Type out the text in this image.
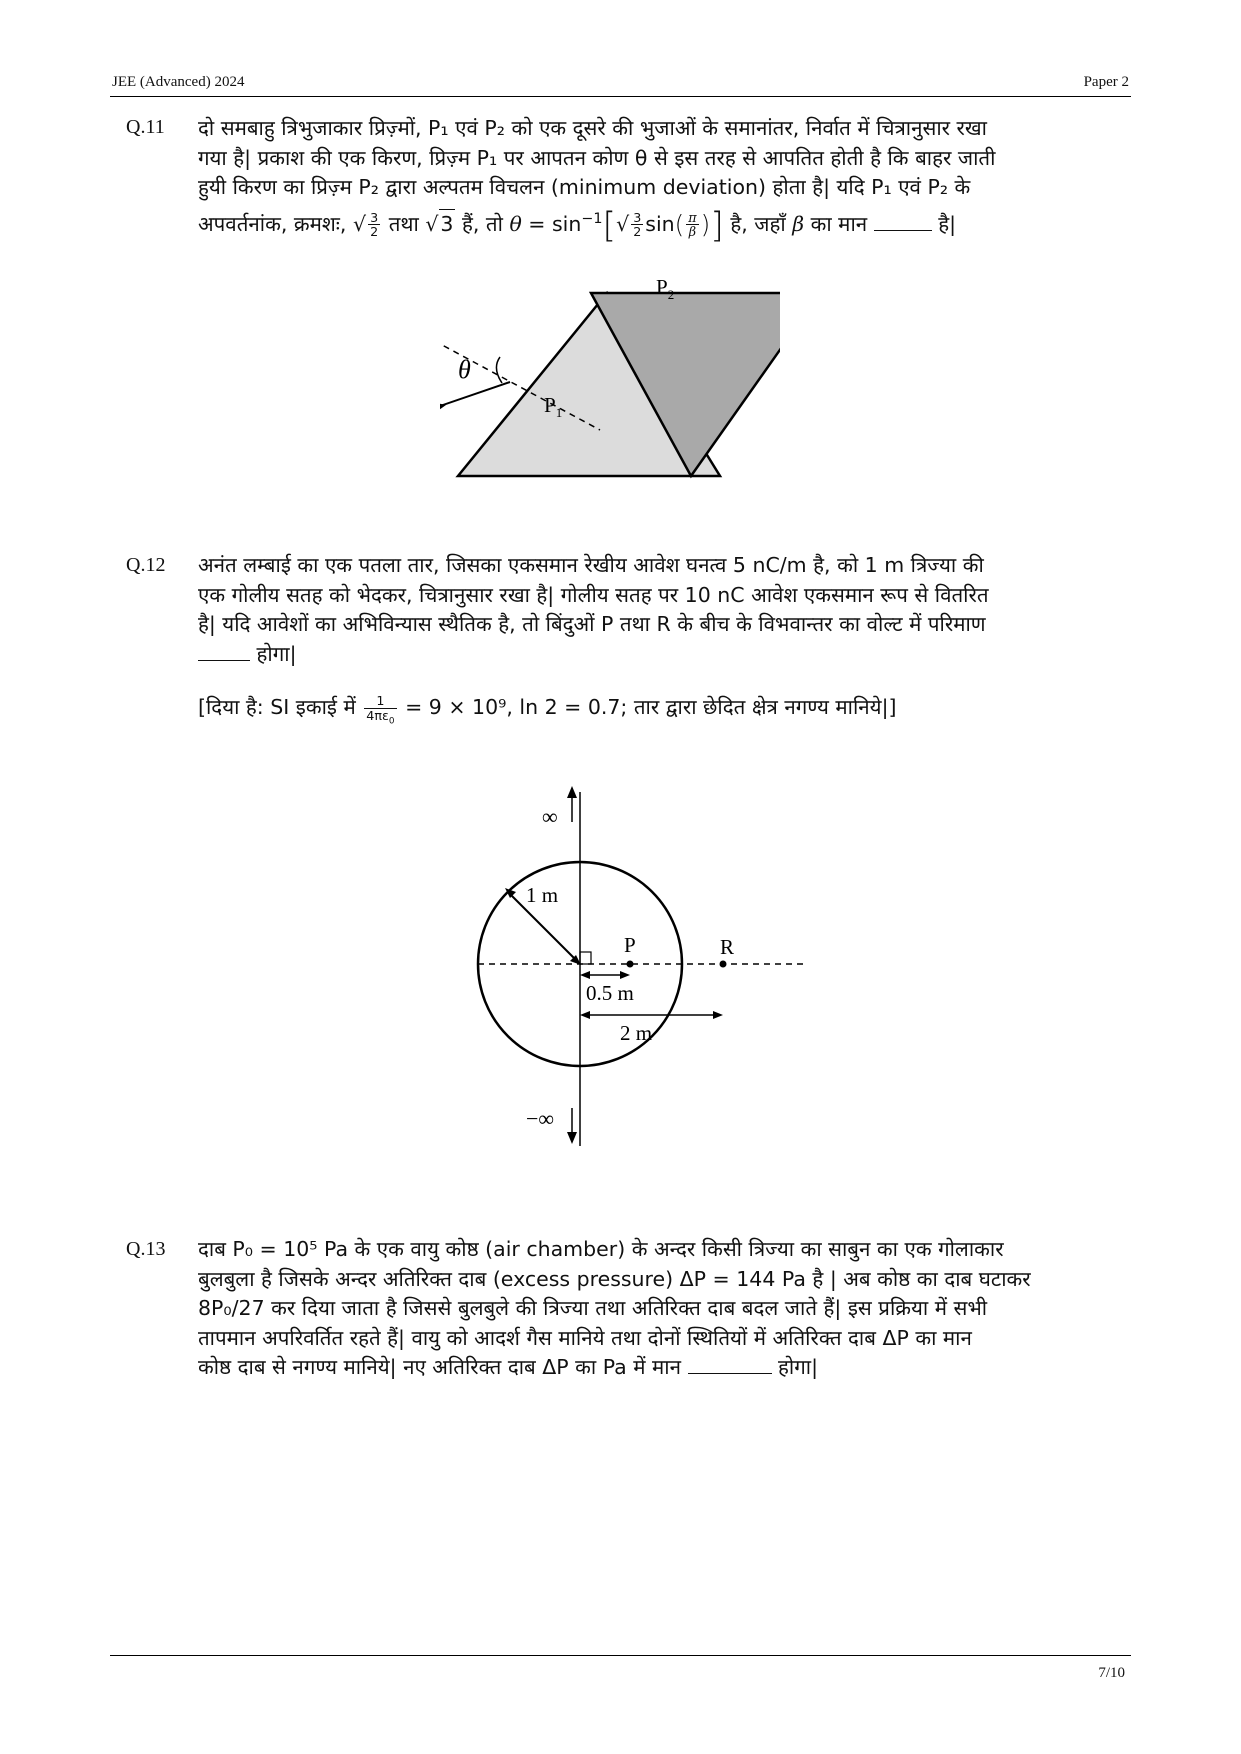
JEE (Advanced) 2024	Paper 2
Q.11 दो समबाहु त्रिभुजाकार प्रिज़्मों, P₁ एवं P₂ को एक दूसरे की भुजाओं के समानांतर, निर्वात में चित्रानुसार रखा
गया है| प्रकाश की एक किरण, प्रिज़्म P₁ पर आपतन कोण θ से इस तरह से आपतित होती है कि बाहर जाती
हुयी किरण का प्रिज़्म P₂ द्वारा अल्पतम विचलन (minimum deviation) होता है| यदि P₁ एवं P₂ के
अपवर्तनांक, क्रमशः, √ $\frac{3}{2}$ तथा √3 हैं, तो $\theta = \sin^{-1}[√ \frac{3}{2} \sin( \frac{\pi}{\beta}$ )] है, जहाँ β का मान	है|
θ
$P_1$
$P_2$
Q.12 अनंत लम्बाई का एक पतला तार, जिसका एकसमान रेखीय आवेश घनत्व 5 nC/m है, को 1 m त्रिज्या की
एक गोलीय सतह को भेदकर, चित्रानुसार रखा है| गोलीय सतह पर 10 nC आवेश एकसमान रूप से वितरित
है| यदि आवेशों का अभिविन्यास स्थैतिक है, तो बिंदुओं P तथा R के बीच के विभवान्तर का वोल्ट में परिमाण
होगा|
[दिया है: SI इकाई में $\frac{1}{4\pi\varepsilon_0} = 9 \times 10^9$, ln 2 = 0.7; तार द्वारा छेदित क्षेत्र नगण्य मानिये|]
∞
−∞
1 m
P	R
0.5 m
2 m
Q.13 दाब P₀ = 10⁵ Pa के एक वायु कोष्ठ (air chamber) के अन्दर किसी त्रिज्या का साबुन का एक गोलाकार
बुलबुला है जिसके अन्दर अतिरिक्त दाब (excess pressure) ΔP = 144 Pa है | अब कोष्ठ का दाब घटाकर
8P₀/27 कर दिया जाता है जिससे बुलबुले की त्रिज्या तथा अतिरिक्त दाब बदल जाते हैं| इस प्रक्रिया में सभी
तापमान अपरिवर्तित रहते हैं| वायु को आदर्श गैस मानिये तथा दोनों स्थितियों में अतिरिक्त दाब ΔP का मान
कोष्ठ दाब से नगण्य मानिये| नए अतिरिक्त दाब ΔP का Pa में मान	होगा|
7/10
